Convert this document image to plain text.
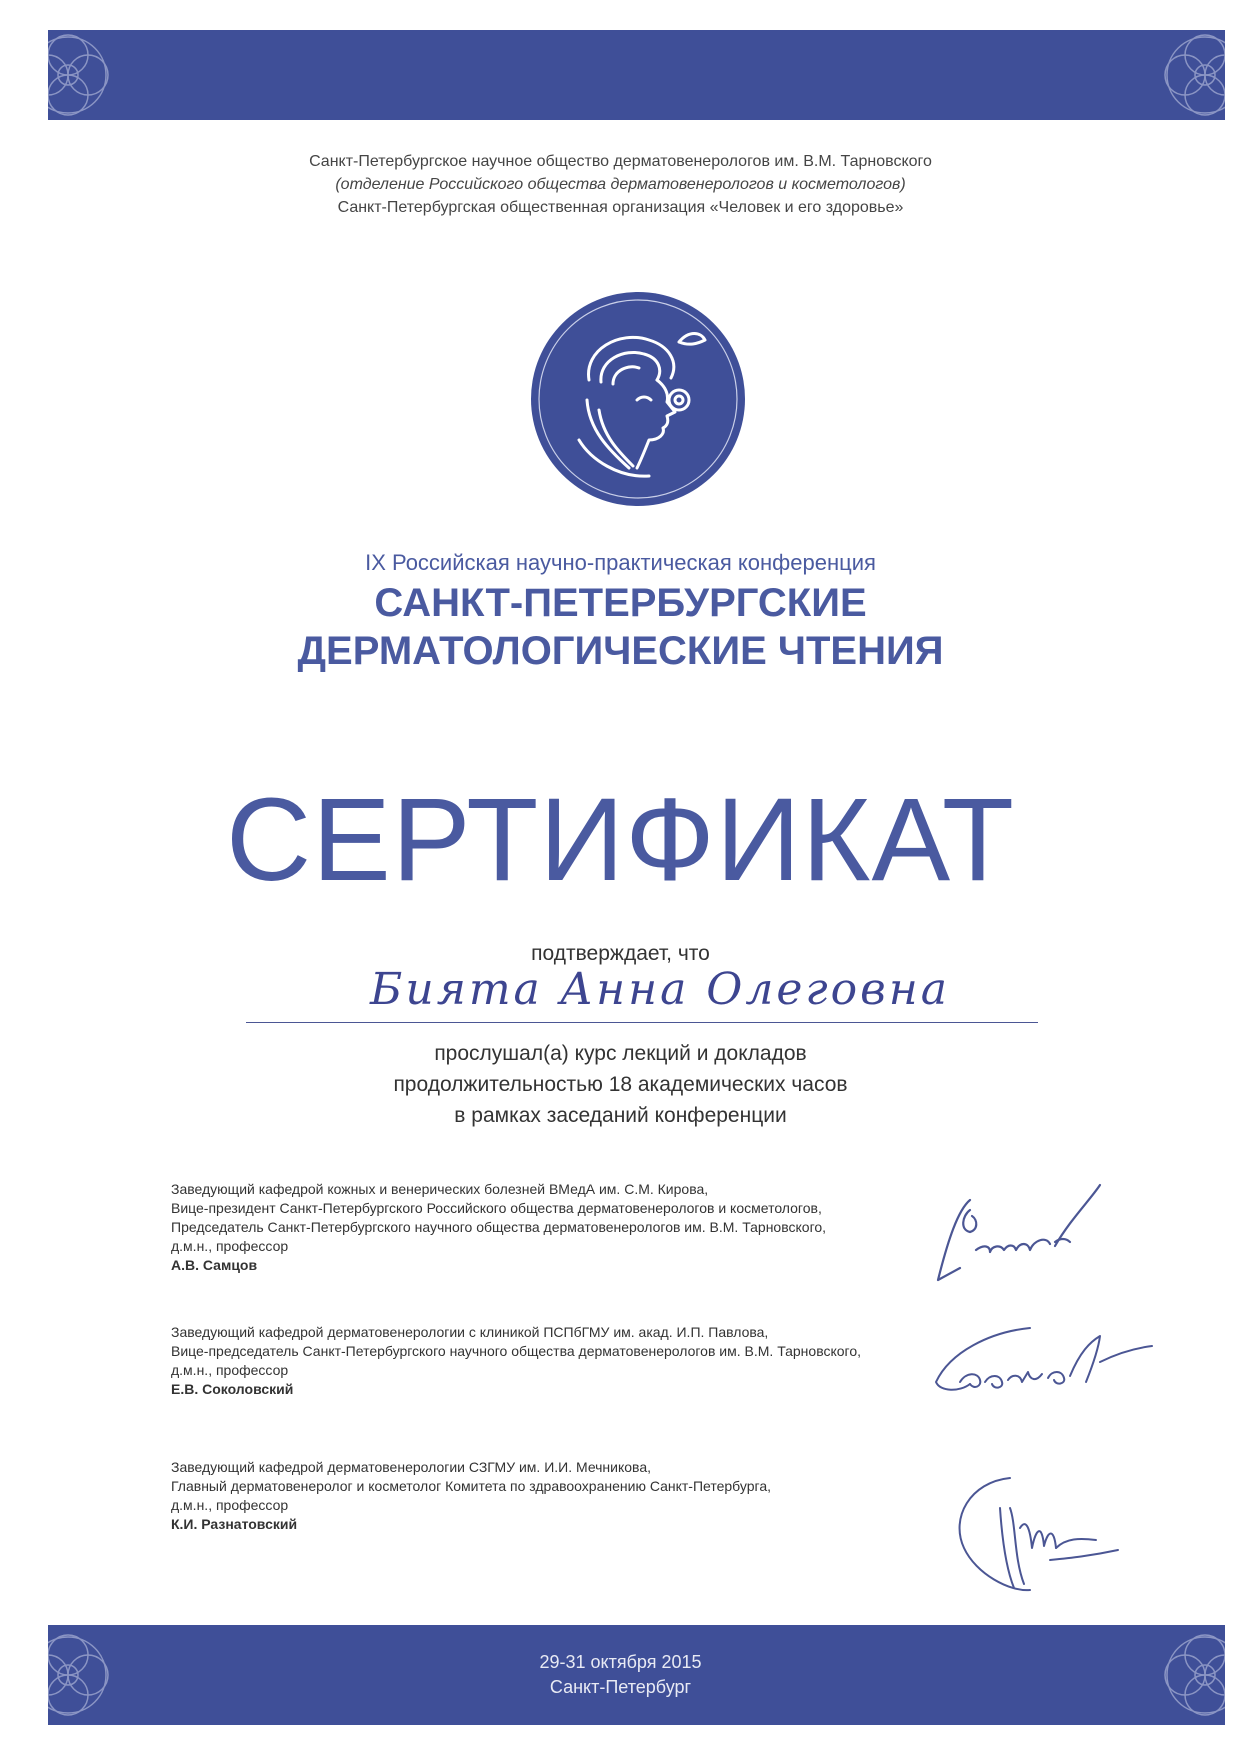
Санкт-Петербургское научное общество дерматовенерологов им. В.М. Тарновского
(отделение Российского общества дерматовенерологов и косметологов)
Санкт-Петербургская общественная организация «Человек и его здоровье»
IX Российская научно-практическая конференция
САНКТ-ПЕТЕРБУРГСКИЕ
ДЕРМАТОЛОГИЧЕСКИЕ ЧТЕНИЯ
СЕРТИФИКАТ
подтверждает, что
Бията Анна Олеговна
прослушал(а) курс лекций и докладов
продолжительностью 18 академических часов
в рамках заседаний конференции
Заведующий кафедрой кожных и венерических болезней ВМедА им. С.М. Кирова,
Вице-президент Санкт-Петербургского Российского общества дерматовенерологов и косметологов,
Председатель Санкт-Петербургского научного общества дерматовенерологов им. В.М. Тарновского,
д.м.н., профессор
А.В. Самцов
Заведующий кафедрой дерматовенерологии с клиникой ПСПбГМУ им. акад. И.П. Павлова,
Вице-председатель Санкт-Петербургского научного общества дерматовенерологов им. В.М. Тарновского,
д.м.н., профессор
Е.В. Соколовский
Заведующий кафедрой дерматовенерологии СЗГМУ им. И.И. Мечникова,
Главный дерматовенеролог и косметолог Комитета по здравоохранению Санкт-Петербурга,
д.м.н., профессор
К.И. Разнатовский
29-31 октября 2015
Санкт-Петербург
